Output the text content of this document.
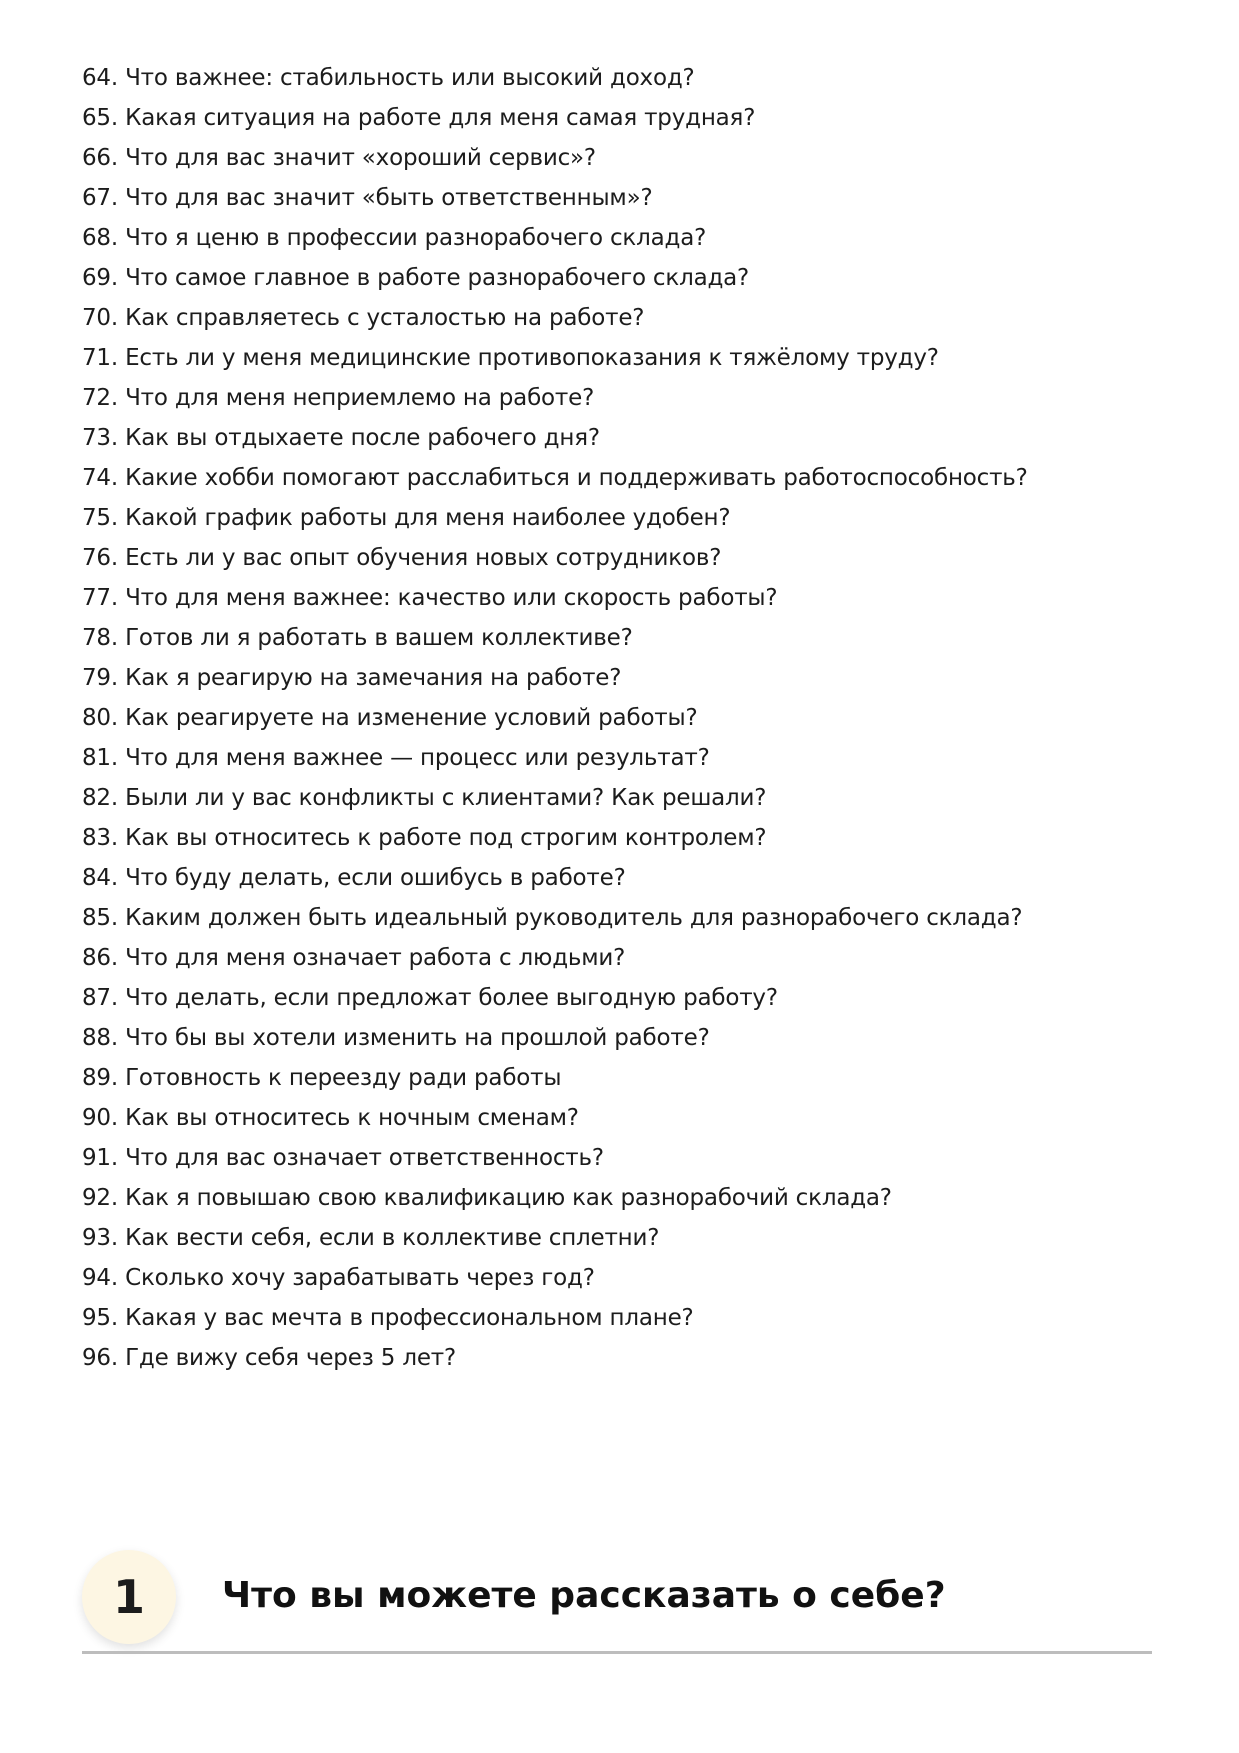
64. Что важнее: стабильность или высокий доход?
65. Какая ситуация на работе для меня самая трудная?
66. Что для вас значит «хороший сервис»?
67. Что для вас значит «быть ответственным»?
68. Что я ценю в профессии разнорабочего склада?
69. Что самое главное в работе разнорабочего склада?
70. Как справляетесь с усталостью на работе?
71. Есть ли у меня медицинские противопоказания к тяжёлому труду?
72. Что для меня неприемлемо на работе?
73. Как вы отдыхаете после рабочего дня?
74. Какие хобби помогают расслабиться и поддерживать работоспособность?
75. Какой график работы для меня наиболее удобен?
76. Есть ли у вас опыт обучения новых сотрудников?
77. Что для меня важнее: качество или скорость работы?
78. Готов ли я работать в вашем коллективе?
79. Как я реагирую на замечания на работе?
80. Как реагируете на изменение условий работы?
81. Что для меня важнее — процесс или результат?
82. Были ли у вас конфликты с клиентами? Как решали?
83. Как вы относитесь к работе под строгим контролем?
84. Что буду делать, если ошибусь в работе?
85. Каким должен быть идеальный руководитель для разнорабочего склада?
86. Что для меня означает работа с людьми?
87. Что делать, если предложат более выгодную работу?
88. Что бы вы хотели изменить на прошлой работе?
89. Готовность к переезду ради работы
90. Как вы относитесь к ночным сменам?
91. Что для вас означает ответственность?
92. Как я повышаю свою квалификацию как разнорабочий склада?
93. Как вести себя, если в коллективе сплетни?
94. Сколько хочу зарабатывать через год?
95. Какая у вас мечта в профессиональном плане?
96. Где вижу себя через 5 лет?
1	Что вы можете рассказать о себе?
